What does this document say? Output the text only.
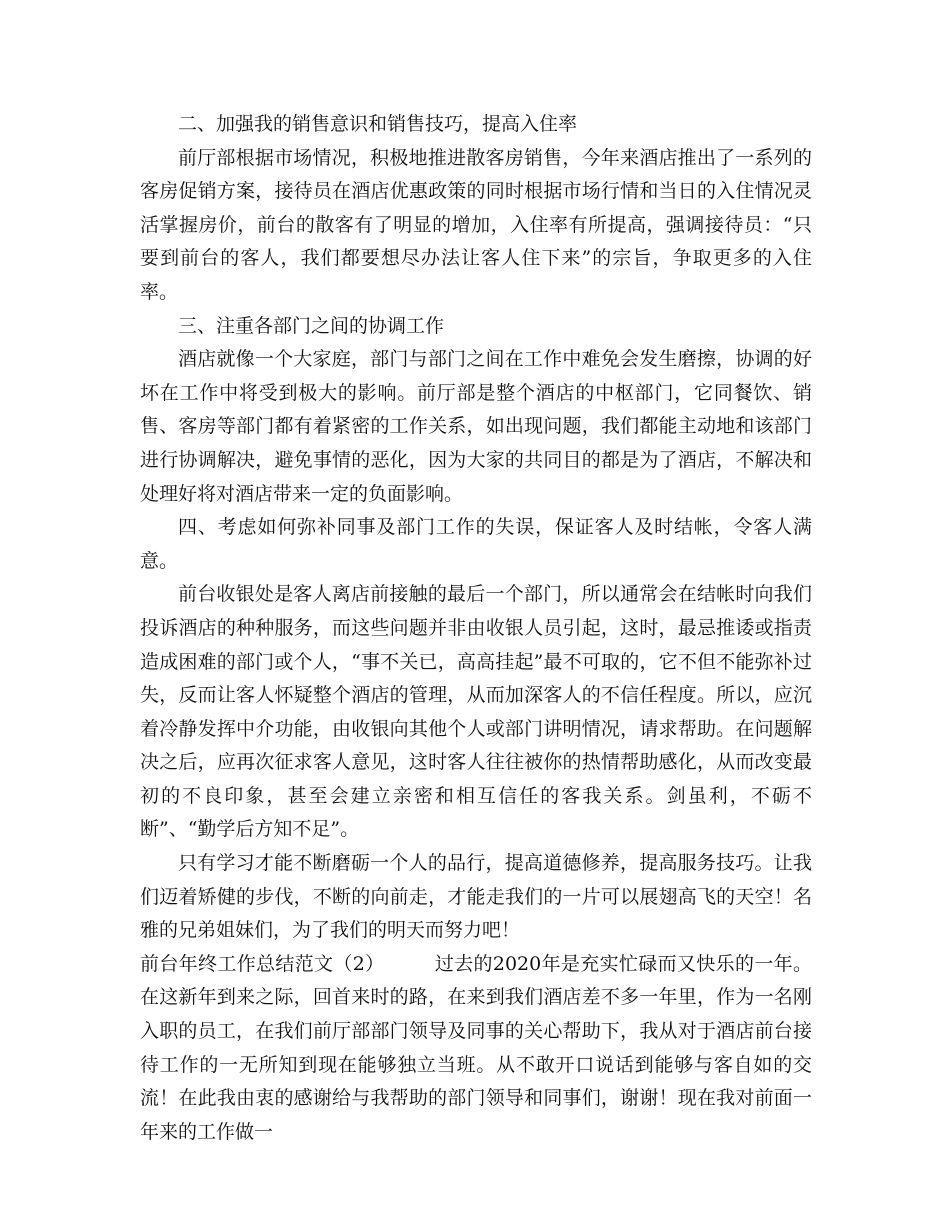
二、加强我的销售意识和销售技巧，提高入住率

前厅部根据市场情况，积极地推进散客房销售，今年来酒店推出了一系列的客房促销方案，接待员在酒店优惠政策的同时根据市场行情和当日的入住情况灵活掌握房价，前台的散客有了明显的增加，入住率有所提高，强调接待员：“只要到前台的客人，我们都要想尽办法让客人住下来”的宗旨，争取更多的入住率。

三、注重各部门之间的协调工作

酒店就像一个大家庭，部门与部门之间在工作中难免会发生磨擦，协调的好坏在工作中将受到极大的影响。前厅部是整个酒店的中枢部门，它同餐饮、销售、客房等部门都有着紧密的工作关系，如出现问题，我们都能主动地和该部门进行协调解决，避免事情的恶化，因为大家的共同目的都是为了酒店，不解决和处理好将对酒店带来一定的负面影响。

四、考虑如何弥补同事及部门工作的失误，保证客人及时结帐，令客人满意。

前台收银处是客人离店前接触的最后一个部门，所以通常会在结帐时向我们投诉酒店的种种服务，而这些问题并非由收银人员引起，这时，最忌推诿或指责造成困难的部门或个人，“事不关已，高高挂起”最不可取的，它不但不能弥补过失，反而让客人怀疑整个酒店的管理，从而加深客人的不信任程度。所以，应沉着冷静发挥中介功能，由收银向其他个人或部门讲明情况，请求帮助。在问题解决之后，应再次征求客人意见，这时客人往往被你的热情帮助感化，从而改变最初的不良印象，甚至会建立亲密和相互信任的客我关系。剑虽利，不砺不断”、“勤学后方知不足”。

只有学习才能不断磨砺一个人的品行，提高道德修养，提高服务技巧。让我们迈着矫健的步伐，不断的向前走，才能走我们的一片可以展翅高飞的天空！名雅的兄弟姐妹们，为了我们的明天而努力吧！

前台年终工作总结范文（2）	过去的2020年是充实忙碌而又快乐的一年。在这新年到来之际，回首来时的路，在来到我们酒店差不多一年里，作为一名刚入职的员工，在我们前厅部部门领导及同事的关心帮助下，我从对于酒店前台接待工作的一无所知到现在能够独立当班。从不敢开口说话到能够与客自如的交流！在此我由衷的感谢给与我帮助的部门领导和同事们，谢谢！现在我对前面一年来的工作做一
